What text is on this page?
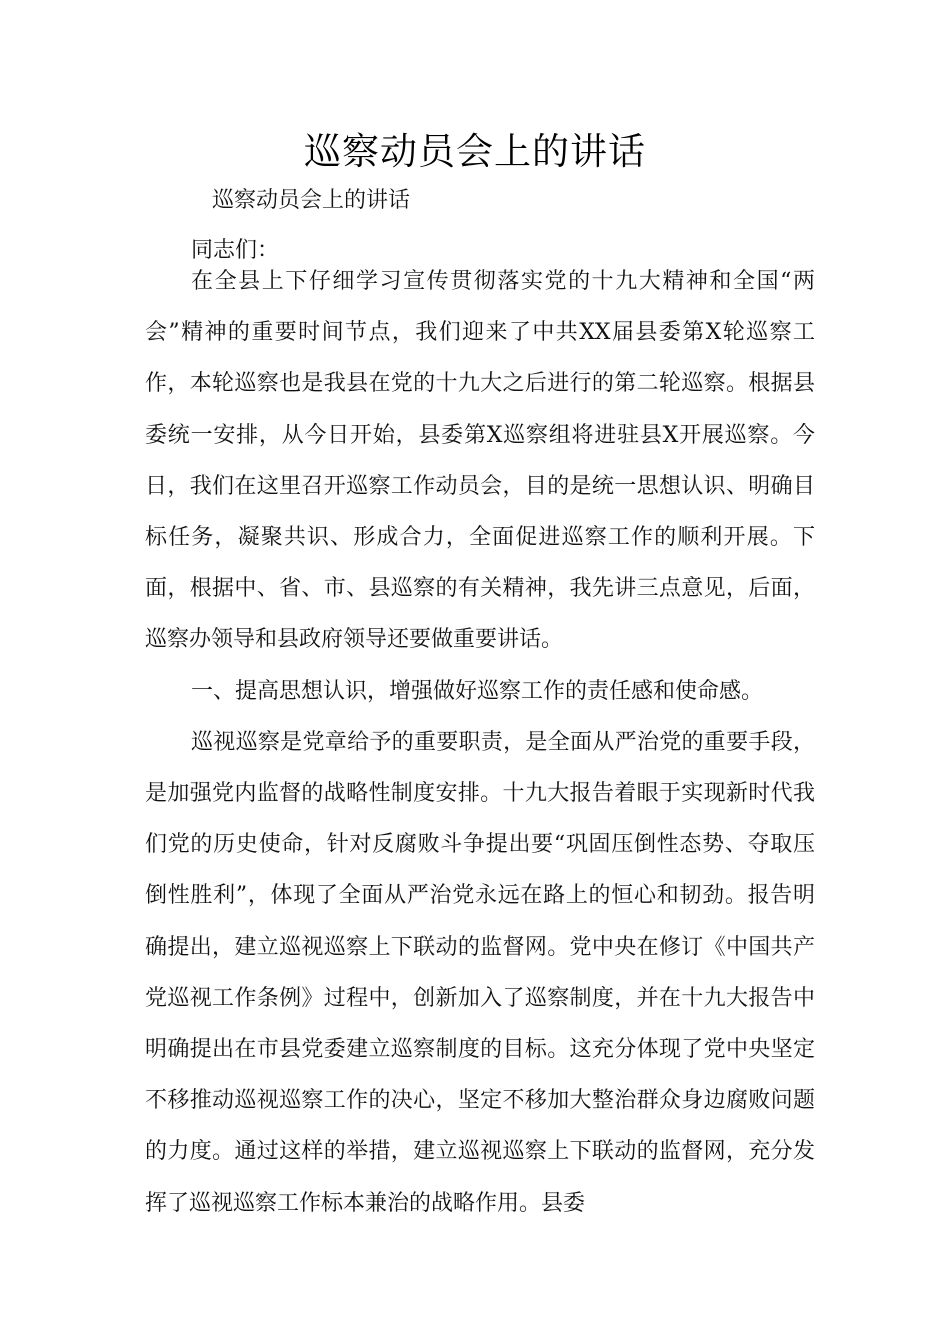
巡察动员会上的讲话
巡察动员会上的讲话
同志们：

在全县上下仔细学习宣传贯彻落实党的十九大精神和全国“两会”精神的重要时间节点，我们迎来了中共XX届县委第X轮巡察工作，本轮巡察也是我县在党的十九大之后进行的第二轮巡察。根据县委统一安排，从今日开始，县委第X巡察组将进驻县X开展巡察。今日，我们在这里召开巡察工作动员会，目的是统一思想认识、明确目标任务，凝聚共识、形成合力，全面促进巡察工作的顺利开展。下面，根据中、省、市、县巡察的有关精神，我先讲三点意见，后面，巡察办领导和县政府领导还要做重要讲话。

一、提高思想认识，增强做好巡察工作的责任感和使命感。

巡视巡察是党章给予的重要职责，是全面从严治党的重要手段，是加强党内监督的战略性制度安排。十九大报告着眼于实现新时代我们党的历史使命，针对反腐败斗争提出要“巩固压倒性态势、夺取压倒性胜利”，体现了全面从严治党永远在路上的恒心和韧劲。报告明确提出，建立巡视巡察上下联动的监督网。党中央在修订《中国共产党巡视工作条例》过程中，创新加入了巡察制度，并在十九大报告中明确提出在市县党委建立巡察制度的目标。这充分体现了党中央坚定不移推动巡视巡察工作的决心，坚定不移加大整治群众身边腐败问题的力度。通过这样的举措，建立巡视巡察上下联动的监督网，充分发挥了巡视巡察工作标本兼治的战略作用。县委
